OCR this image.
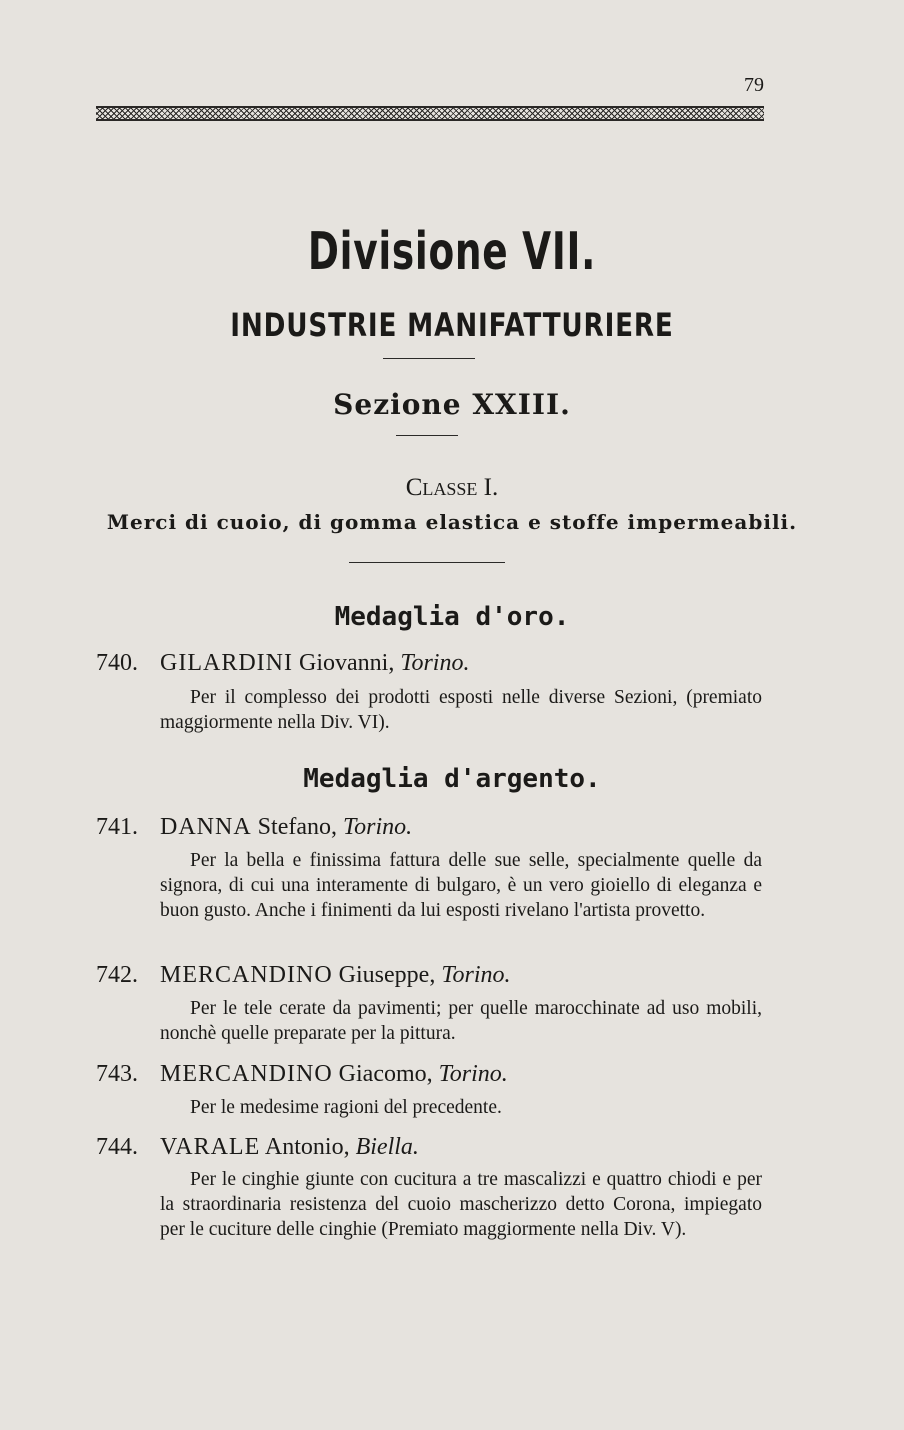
79
Divisione VII.
INDUSTRIE MANIFATTURIERE
Sezione XXIII.
Classe I.
Merci di cuoio, di gomma elastica e stoffe impermeabili.
Medaglia d'oro.
740. GILARDINI Giovanni, Torino.
Per il complesso dei prodotti esposti nelle diverse Sezioni, (premiato maggiormente nella Div. VI).
Medaglia d'argento.
741. DANNA Stefano, Torino.
Per la bella e finissima fattura delle sue selle, specialmente quelle da signora, di cui una interamente di bulgaro, è un vero gioiello di eleganza e buon gusto. Anche i finimenti da lui esposti rivelano l'artista provetto.
742. MERCANDINO Giuseppe, Torino.
Per le tele cerate da pavimenti; per quelle marocchinate ad uso mobili, nonchè quelle preparate per la pittura.
743. MERCANDINO Giacomo, Torino.
Per le medesime ragioni del precedente.
744. VARALE Antonio, Biella.
Per le cinghie giunte con cucitura a tre mascalizzi e quattro chiodi e per la straordinaria resistenza del cuoio mascherizzo detto Corona, impiegato per le cuciture delle cinghie (Premiato maggiormente nella Div. V).
